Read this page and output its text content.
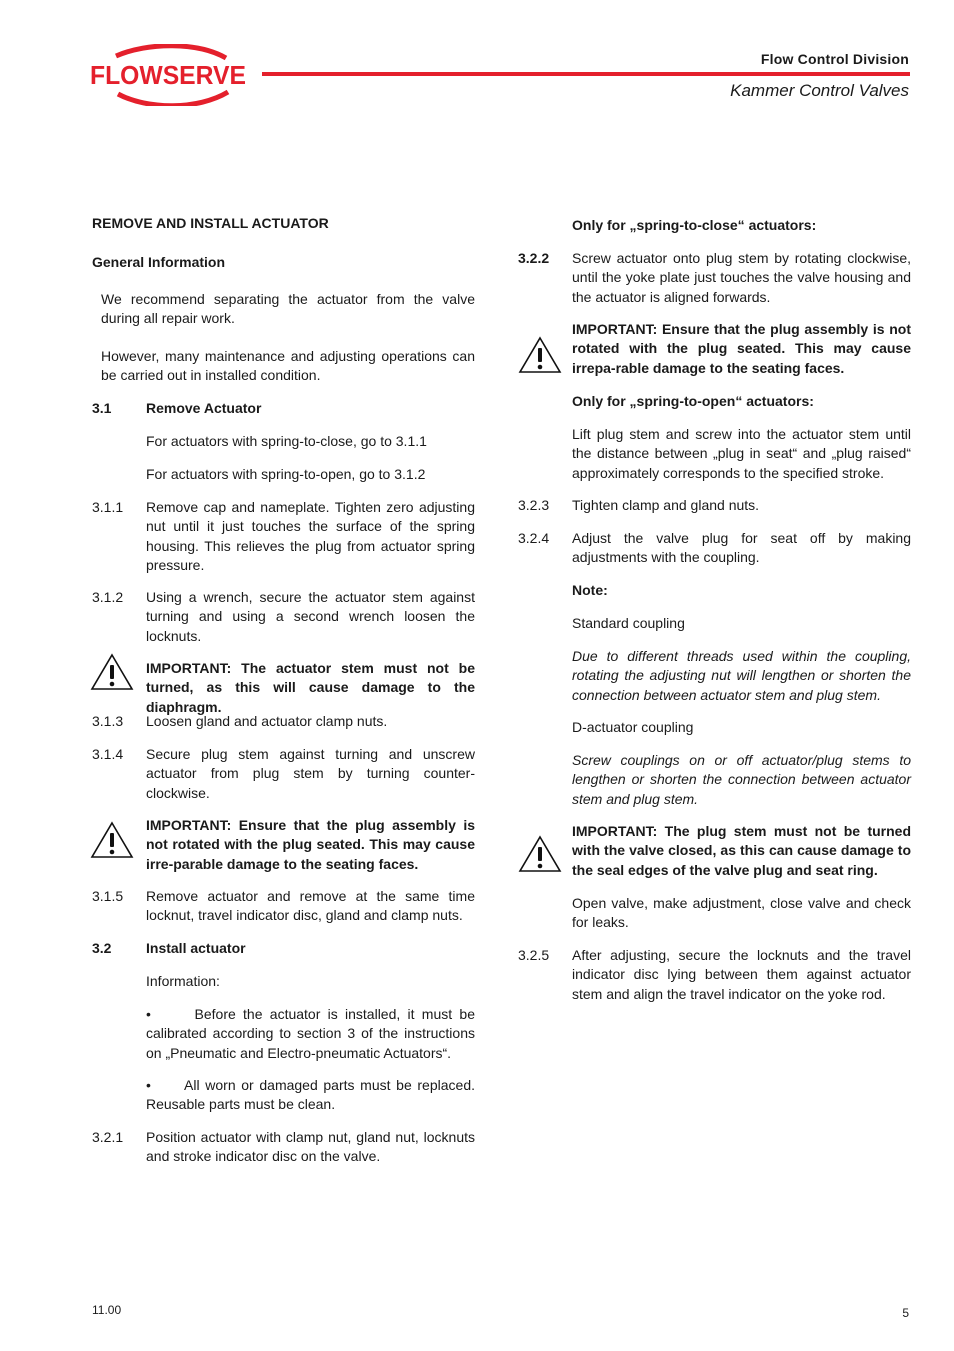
FLOWSERVE
Flow Control Division
Kammer Control Valves
REMOVE AND INSTALL ACTUATOR
General Information
We recommend separating the actuator from the valve during all repair work.
However, many maintenance and adjusting operations can be carried out in installed condition.
3.1 Remove Actuator
For actuators with spring-to-close, go to 3.1.1
For actuators with spring-to-open, go to 3.1.2
3.1.1 Remove cap and nameplate. Tighten zero adjusting nut until it just touches the surface of the spring housing. This relieves the plug from actuator spring pressure.
3.1.2 Using a wrench, secure the actuator stem against turning and using a second wrench loosen the locknuts.
IMPORTANT: The actuator stem must not be turned, as this will cause damage to the diaphragm.
3.1.3 Loosen gland and actuator clamp nuts.
3.1.4 Secure plug stem against turning and unscrew actuator from plug stem by turning counter-clockwise.
IMPORTANT: Ensure that the plug assembly is not rotated with the plug seated. This may cause irre-parable damage to the seating faces.
3.1.5 Remove actuator and remove at the same time locknut, travel indicator disc, gland and clamp nuts.
3.2 Install actuator
Information:
•      Before the actuator is installed, it must be calibrated according to section 3 of the instructions on „Pneumatic and Electro-pneumatic Actuators“.
•      All worn or damaged parts must be replaced. Reusable parts must be clean.
3.2.1 Position actuator with clamp nut, gland nut, locknuts and stroke indicator disc on the valve.
Only for „spring-to-close“ actuators:
3.2.2 Screw actuator onto plug stem by rotating clockwise, until the yoke plate just touches the valve housing and the actuator is aligned forwards.
IMPORTANT: Ensure that the plug assembly is not rotated with the plug seated. This may cause irrepa-rable damage to the seating faces.
Only for „spring-to-open“ actuators:
Lift plug stem and screw into the actuator stem until the distance between „plug in seat“ and „plug raised“ approximately corresponds to the specified stroke.
3.2.3 Tighten clamp and gland nuts.
3.2.4 Adjust the valve plug for seat off by making adjustments with the coupling.
Note:
Standard coupling
Due to different threads used within the coupling, rotating the adjusting nut will lengthen or shorten the connection between actuator stem and plug stem.
D-actuator coupling
Screw couplings on or off actuator/plug stems to lengthen or shorten the connection between actuator stem and plug stem.
IMPORTANT: The plug stem must not be turned with the valve closed, as this can cause damage to the seal edges of the valve plug and seat ring.
Open valve, make adjustment, close valve and check for leaks.
3.2.5 After adjusting, secure the locknuts and the travel indicator disc lying between them against actuator stem and align the travel indicator on the yoke rod.
11.00	5
